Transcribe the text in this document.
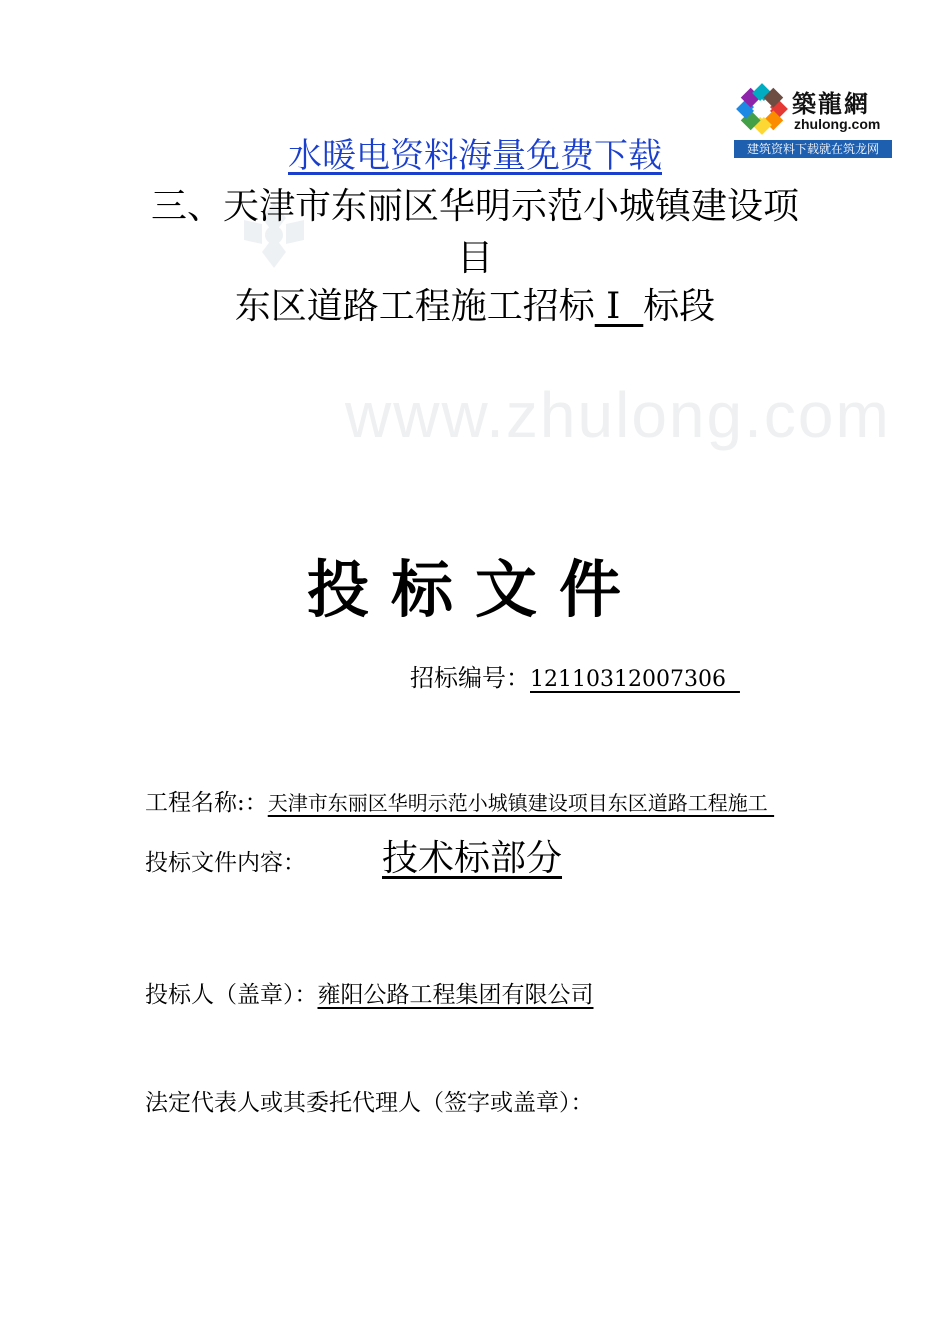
www.zhulong.com
築龍網
zhulong.com
建筑资料下载就在筑龙网
水暖电资料海量免费下载
三、天津市东丽区华明示范小城镇建设项
目
东区道路工程施工招标 Ⅰ  标段
投标文件
招标编号：12110312007306
工程名称:：天津市东丽区华明示范小城镇建设项目东区道路工程施工
投标文件内容： 技术标部分
投标人（盖章）：雍阳公路工程集团有限公司
法定代表人或其委托代理人（签字或盖章）：
